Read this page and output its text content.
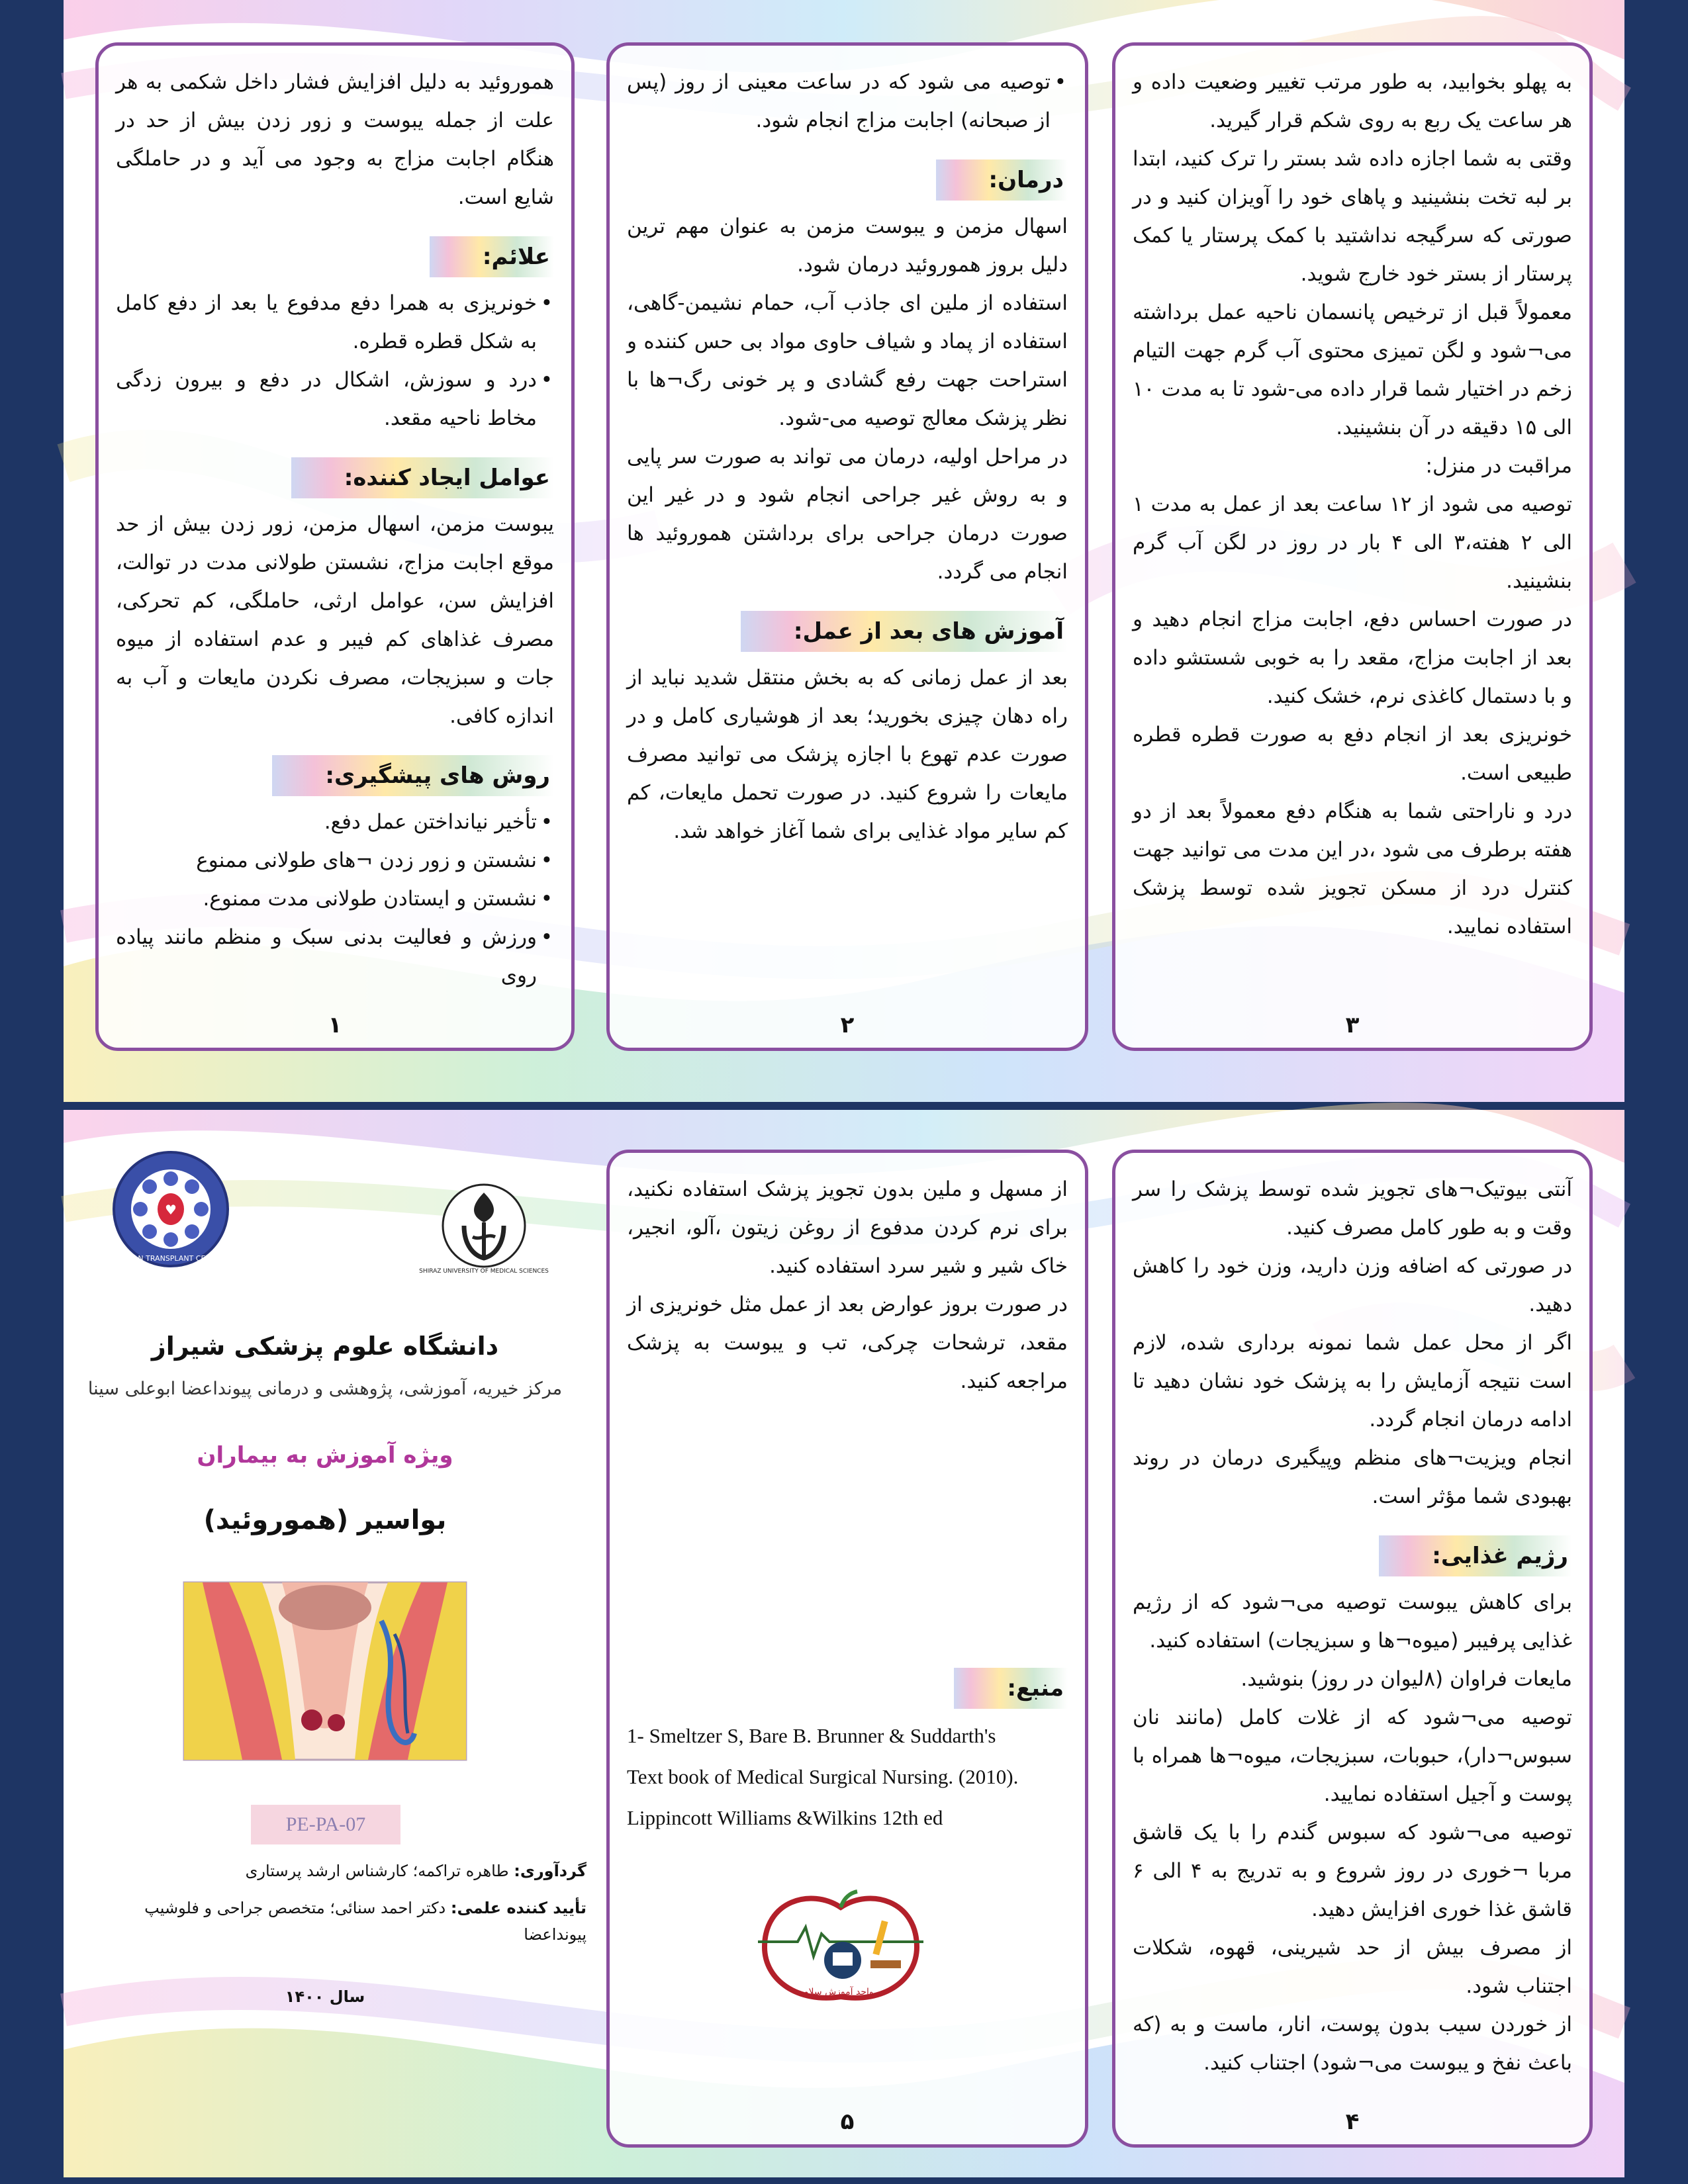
هموروئید به دلیل افزایش فشار داخل شکمی به هر علت از جمله یبوست و زور زدن بیش از حد در هنگام اجابت مزاج به وجود می آید و در حاملگی شایع است.

علائم:
• خونریزی به همرا دفع مدفوع یا بعد از دفع کامل به شکل قطره قطره.
• درد و سوزش، اشکال در دفع و بیرون زدگی مخاط ناحیه مقعد.
عوامل ایجاد کننده:

یبوست مزمن، اسهال مزمن، زور زدن بیش از حد موقع اجابت مزاج، نشستن طولانی مدت در توالت، افزایش سن، عوامل ارثی، حاملگی، کم تحرکی، مصرف غذاهای کم فیبر و عدم استفاده از میوه جات و سبزیجات، مصرف نکردن مایعات و آب به اندازه کافی.

روش های پیشگیری:
• تأخیر نیانداختن عمل دفع.
• نشستن و زور زدن ¬های طولانی ممنوع
• نشستن و ایستادن طولانی مدت ممنوع.
• ورزش و فعالیت بدنی سبک و منظم مانند پیاده روی
۱
• توصیه می شود که در ساعت معینی از روز (پس از صبحانه) اجابت مزاج انجام شود.
درمان:

اسهال مزمن و یبوست مزمن به عنوان مهم ترین دلیل بروز هموروئید درمان شود.

استفاده از ملین ای جاذب آب، حمام نشیمن-گاهی، استفاده از پماد و شیاف حاوی مواد بی حس کننده و استراحت جهت رفع گشادی و پر خونی رگ¬ها با نظر پزشک معالج توصیه می-شود.

در مراحل اولیه، درمان می تواند به صورت سر پایی و به روش غیر جراحی انجام شود و در غیر این صورت درمان جراحی برای برداشتن هموروئید ها انجام می گردد.

آموزش های بعد از عمل:

بعد از عمل زمانی که به بخش منتقل شدید نباید از راه دهان چیزی بخورید؛ بعد از هوشیاری کامل و در صورت عدم تهوع با اجازه پزشک می توانید مصرف مایعات را شروع کنید. در صورت تحمل مایعات، کم کم سایر مواد غذایی برای شما آغاز خواهد شد.

۲

به پهلو بخوابید، به طور مرتب تغییر وضعیت داده و هر ساعت یک ربع به روی شکم قرار گیرید.

وقتی به شما اجازه داده شد بستر را ترک کنید، ابتدا بر لبه تخت بنشینید و پاهای خود را آویزان کنید و در صورتی که سرگیجه نداشتید با کمک پرستار یا کمک پرستار از بستر خود خارج شوید.

معمولاً قبل از ترخیص پانسمان ناحیه عمل برداشته می¬شود و لگن تمیزی محتوی آب گرم جهت التیام زخم در اختیار شما قرار داده می-شود تا به مدت ۱۰ الی ۱۵ دقیقه در آن بنشینید.

مراقبت در منزل:

توصیه می شود از ۱۲ ساعت بعد از عمل به مدت ۱ الی ۲ هفته،۳ الی ۴ بار در روز در لگن آب گرم بنشینید.

در صورت احساس دفع، اجابت مزاج انجام دهید و بعد از اجابت مزاج، مقعد را به خوبی شستشو داده و با دستمال کاغذی نرم، خشک کنید.

خونریزی بعد از انجام دفع به صورت قطره قطره طبیعی است.

درد و ناراحتی شما به هنگام دفع معمولاً بعد از دو هفته برطرف می شود ،در این مدت می توانید جهت کنترل درد از مسکن تجویز شده توسط پزشک استفاده نمایید.

۳
♥
ORGAN TRANSPLANT CENTER
SHIRAZ UNIVERSITY OF MEDICAL SCIENCES
دانشگاه علوم پزشکی شیراز
مرکز خیریه، آموزشی، پژوهشی و درمانی پیونداعضا ابوعلی سینا
ویژه آموزش به بیماران
بواسیر (هموروئید)
PE-PA-07
گردآوری: طاهره تراکمه؛ کارشناس ارشد پرستاری
تأیید کننده علمی: دکتر احمد سنائی؛ متخصص جراحی و فلوشیپ پیونداعضا
سال ۱۴۰۰

از مسهل و ملین بدون تجویز پزشک استفاده نکنید، برای نرم کردن مدفوع از روغن زیتون ،آلو، انجیر، خاک شیر و شیر سرد استفاده کنید.

در صورت بروز عوارض بعد از عمل مثل خونریزی از مقعد، ترشحات چرکی، تب و یبوست به پزشک مراجعه کنید.

منبع:
1- Smeltzer S, Bare B. Brunner & Suddarth's
Text book of Medical Surgical Nursing. (2010).
Lippincott Williams &Wilkins 12th ed
واحد آموزش سلامت
۵

آنتی بیوتیک¬های تجویز شده توسط پزشک را سر وقت و به طور کامل مصرف کنید.

در صورتی که اضافه وزن دارید، وزن خود را کاهش دهید.

اگر از محل عمل شما نمونه برداری شده، لازم است نتیجه آزمایش را به پزشک خود نشان دهید تا ادامه درمان انجام گردد.

انجام ویزیت¬های منظم وپیگیری درمان در روند بهبودی شما مؤثر است.

رژیم غذایی:

برای کاهش یبوست توصیه می¬شود که از رژیم غذایی پرفیبر (میوه¬ها و سبزیجات) استفاده کنید.

مایعات فراوان (۸لیوان در روز) بنوشید.

توصیه می¬شود که از غلات کامل (مانند نان سبوس¬دار)، حبوبات، سبزیجات، میوه¬ها همراه با پوست و آجیل استفاده نمایید.

توصیه می¬شود که سبوس گندم را با یک قاشق مربا ¬خوری در روز شروع و به تدریج به ۴ الی ۶ قاشق غذا خوری افزایش دهید.

از مصرف بیش از حد شیرینی، قهوه، شکلات اجتناب شود.

از خوردن سیب بدون پوست، انار، ماست و به (که باعث نفخ و یبوست می¬شود) اجتناب کنید.

۴
